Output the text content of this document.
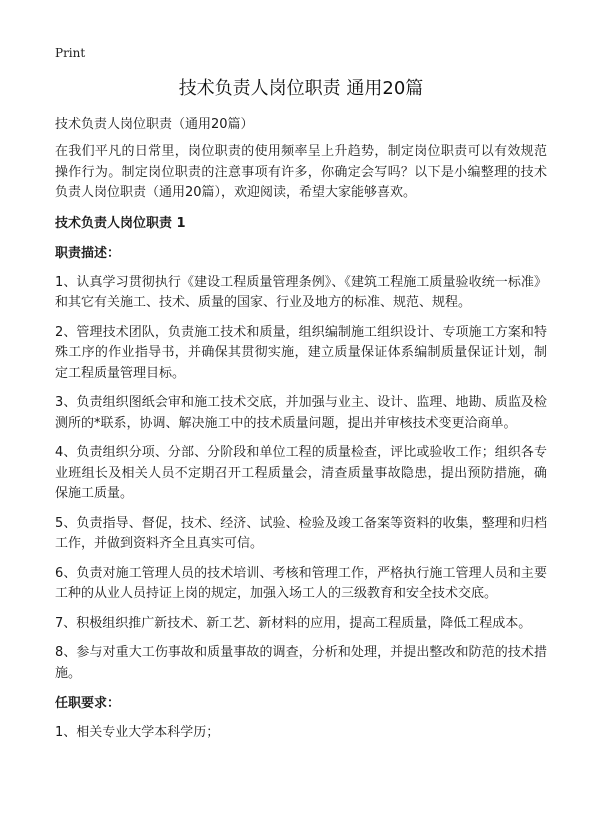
Print
技术负责人岗位职责 通用20篇
技术负责人岗位职责（通用20篇）

在我们平凡的日常里，岗位职责的使用频率呈上升趋势，制定岗位职责可以有效规范操作行为。制定岗位职责的注意事项有许多，你确定会写吗？以下是小编整理的技术负责人岗位职责（通用20篇），欢迎阅读，希望大家能够喜欢。

技术负责人岗位职责 1
职责描述：
1、认真学习贯彻执行《建设工程质量管理条例》、《建筑工程施工质量验收统一标准》和其它有关施工、技术、质量的国家、行业及地方的标准、规范、规程。
2、管理技术团队，负责施工技术和质量，组织编制施工组织设计、专项施工方案和特殊工序的作业指导书，并确保其贯彻实施，建立质量保证体系编制质量保证计划，制定工程质量管理目标。
3、负责组织图纸会审和施工技术交底，并加强与业主、设计、监理、地勘、质监及检测所的*联系，协调、解决施工中的技术质量问题，提出并审核技术变更洽商单。
4、负责组织分项、分部、分阶段和单位工程的质量检查，评比或验收工作；组织各专业班组长及相关人员不定期召开工程质量会，清查质量事故隐患，提出预防措施，确保施工质量。
5、负责指导、督促，技术、经济、试验、检验及竣工备案等资料的收集，整理和归档工作，并做到资料齐全且真实可信。
6、负责对施工管理人员的技术培训、考核和管理工作，严格执行施工管理人员和主要工种的从业人员持证上岗的规定，加强入场工人的三级教育和安全技术交底。
7、积极组织推广新技术、新工艺、新材料的应用，提高工程质量，降低工程成本。
8、参与对重大工伤事故和质量事故的调查，分析和处理，并提出整改和防范的技术措施。
任职要求：
1、相关专业大学本科学历；
